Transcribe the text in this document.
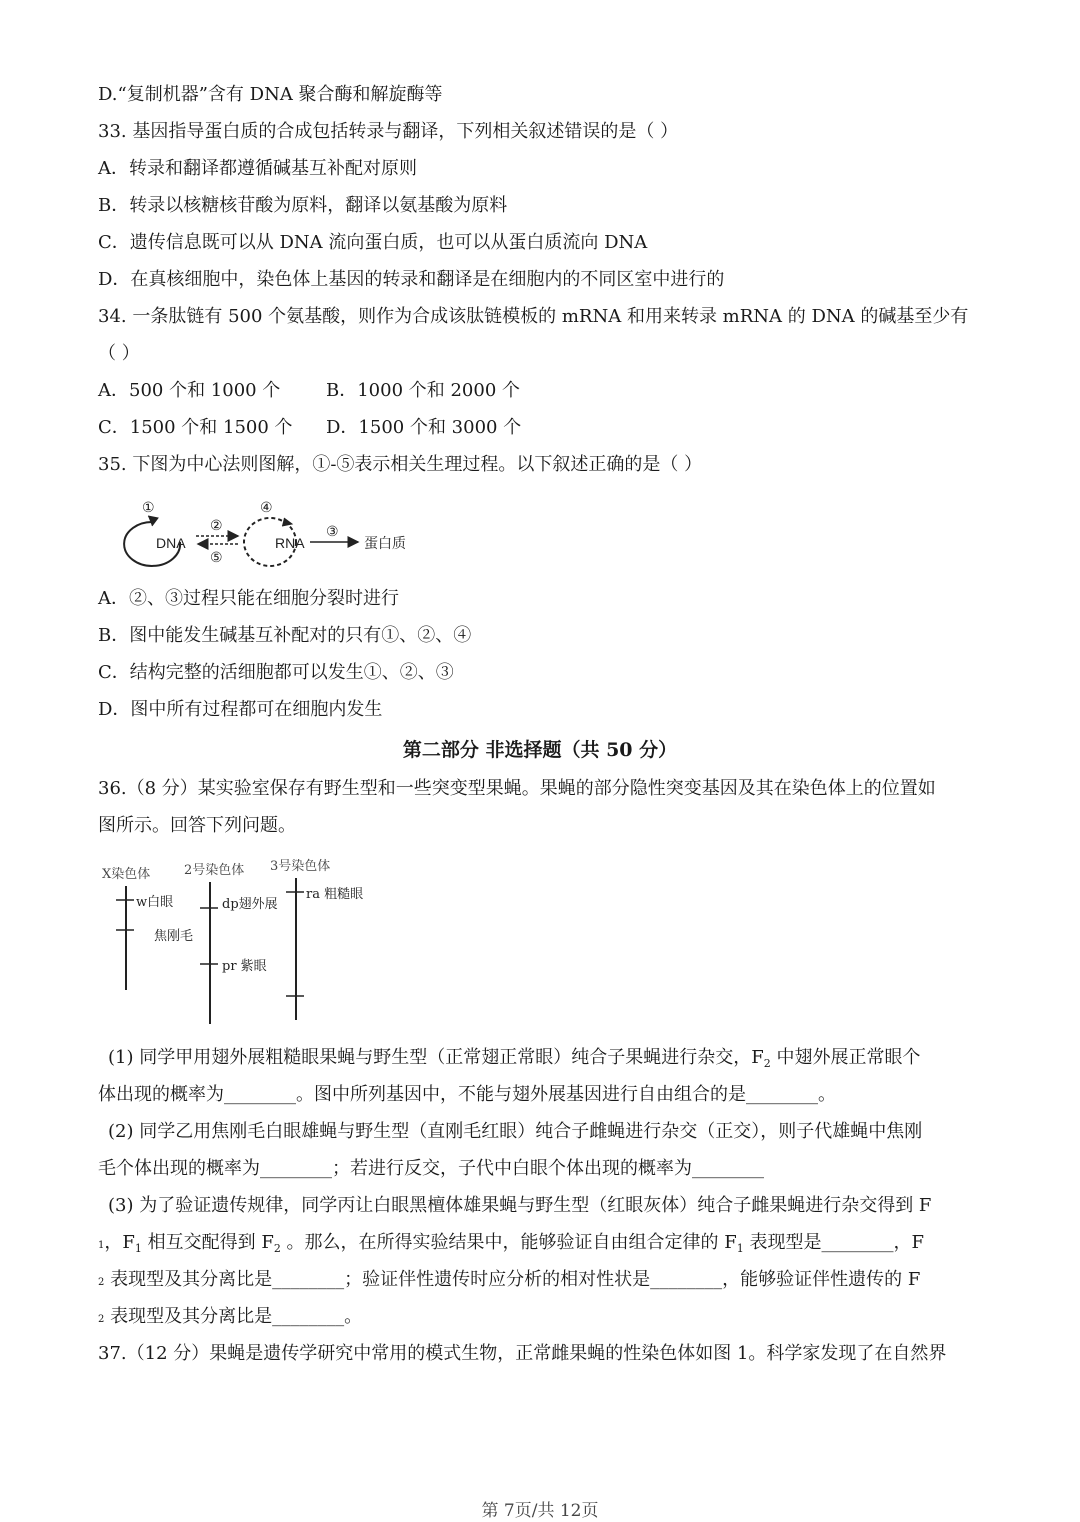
D.“复制机器”含有 DNA 聚合酶和解旋酶等
33. 基因指导蛋白质的合成包括转录与翻译，下列相关叙述错误的是（ ）
A．转录和翻译都遵循碱基互补配对原则
B．转录以核糖核苷酸为原料，翻译以氨基酸为原料
C．遗传信息既可以从 DNA 流向蛋白质，也可以从蛋白质流向 DNA
D．在真核细胞中，染色体上基因的转录和翻译是在细胞内的不同区室中进行的
34. 一条肽链有 500 个氨基酸，则作为合成该肽链模板的 mRNA 和用来转录 mRNA 的 DNA 的碱基至少有
（ ）
A．500 个和 1000 个	B．1000 个和 2000 个
C．1500 个和 1500 个 D．1500 个和 3000 个
35. 下图为中心法则图解，①-⑤表示相关生理过程。以下叙述正确的是（ ）
DNA
①
②
⑤
④
RNA
③
蛋白质
A．②、③过程只能在细胞分裂时进行
B．图中能发生碱基互补配对的只有①、②、④
C．结构完整的活细胞都可以发生①、②、③
D．图中所有过程都可在细胞内发生
第二部分 非选择题（共 50 分）
36.（8 分）某实验室保存有野生型和一些突变型果蝇。果蝇的部分隐性突变基因及其在染色体上的位置如
图所示。回答下列问题。
X染色体	2号染色体 3号染色体
w白眼
焦刚毛
dp翅外展
pr 紫眼
ra 粗糙眼
(1) 同学甲用翅外展粗糙眼果蝇与野生型（正常翅正常眼）纯合子果蝇进行杂交，$F_2$ 中翅外展正常眼个
体出现的概率为________。图中所列基因中，不能与翅外展基因进行自由组合的是________。
(2) 同学乙用焦刚毛白眼雄蝇与野生型（直刚毛红眼）纯合子雌蝇进行杂交（正交），则子代雄蝇中焦刚
毛个体出现的概率为________；若进行反交，子代中白眼个体出现的概率为________
(3) 为了验证遗传规律，同学丙让白眼黑檀体雄果蝇与野生型（红眼灰体）纯合子雌果蝇进行杂交得到 F
1，$F_1$ 相互交配得到 $F_2$ 。那么，在所得实验结果中，能够验证自由组合定律的 $F_1$ 表现型是________，F
2 表现型及其分离比是________；验证伴性遗传时应分析的相对性状是________，能够验证伴性遗传的 F
2 表现型及其分离比是________。
37.（12 分）果蝇是遗传学研究中常用的模式生物，正常雌果蝇的性染色体如图 1。科学家发现了在自然界
第 7页/共 12页
